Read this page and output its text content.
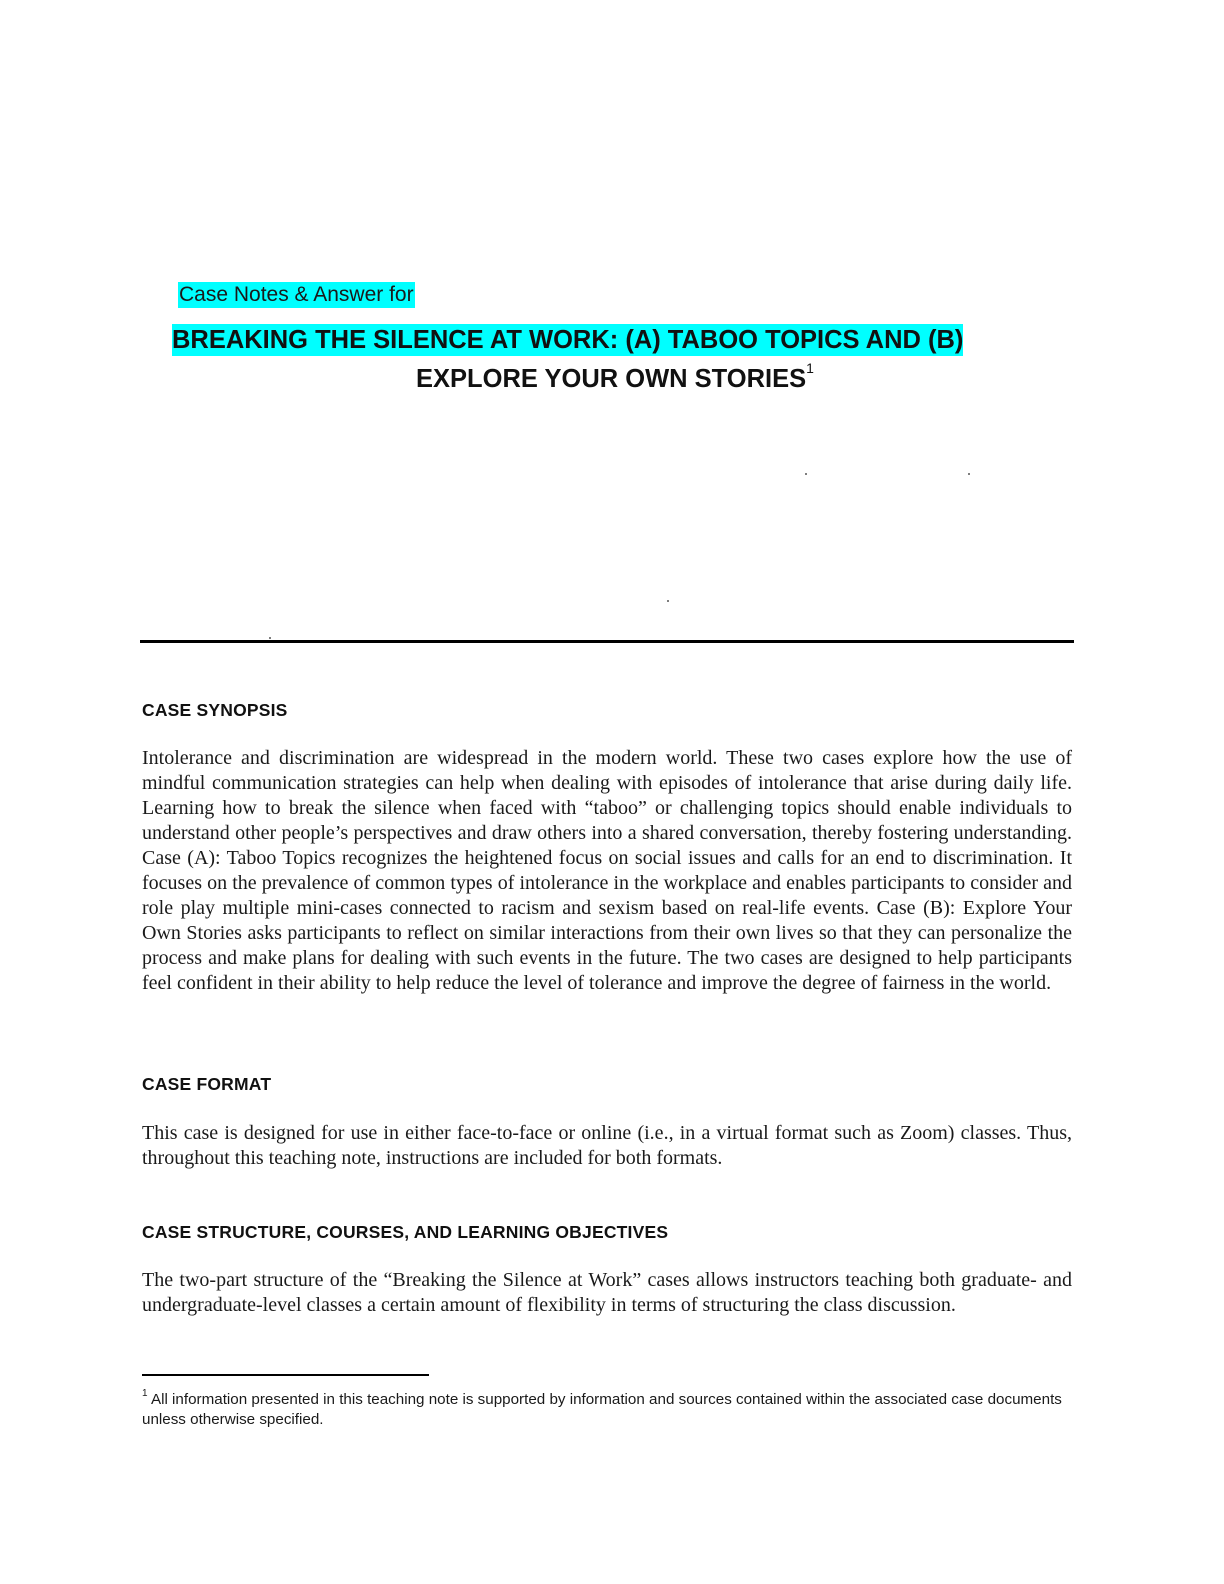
Case Notes & Answer for
BREAKING THE SILENCE AT WORK: (A) TABOO TOPICS AND (B)
EXPLORE YOUR OWN STORIES$^1$
CASE SYNOPSIS

Intolerance and discrimination are widespread in the modern world. These two cases explore how the use of mindful communication strategies can help when dealing with episodes of intolerance that arise during daily life. Learning how to break the silence when faced with “taboo” or challenging topics should enable individuals to understand other people’s perspectives and draw others into a shared conversation, thereby fostering understanding. Case (A): Taboo Topics recognizes the heightened focus on social issues and calls for an end to discrimination. It focuses on the prevalence of common types of intolerance in the workplace and enables participants to consider and role play multiple mini-cases connected to racism and sexism based on real-life events. Case (B): Explore Your Own Stories asks participants to reflect on similar interactions from their own lives so that they can personalize the process and make plans for dealing with such events in the future. The two cases are designed to help participants feel confident in their ability to help reduce the level of tolerance and improve the degree of fairness in the world.

CASE FORMAT

This case is designed for use in either face-to-face or online (i.e., in a virtual format such as Zoom) classes. Thus, throughout this teaching note, instructions are included for both formats.

CASE STRUCTURE, COURSES, AND LEARNING OBJECTIVES

The two-part structure of the “Breaking the Silence at Work” cases allows instructors teaching both graduate- and undergraduate-level classes a certain amount of flexibility in terms of structuring the class discussion.

$^1$ All information presented in this teaching note is supported by information and sources contained within the associated case documents unless otherwise specified.
